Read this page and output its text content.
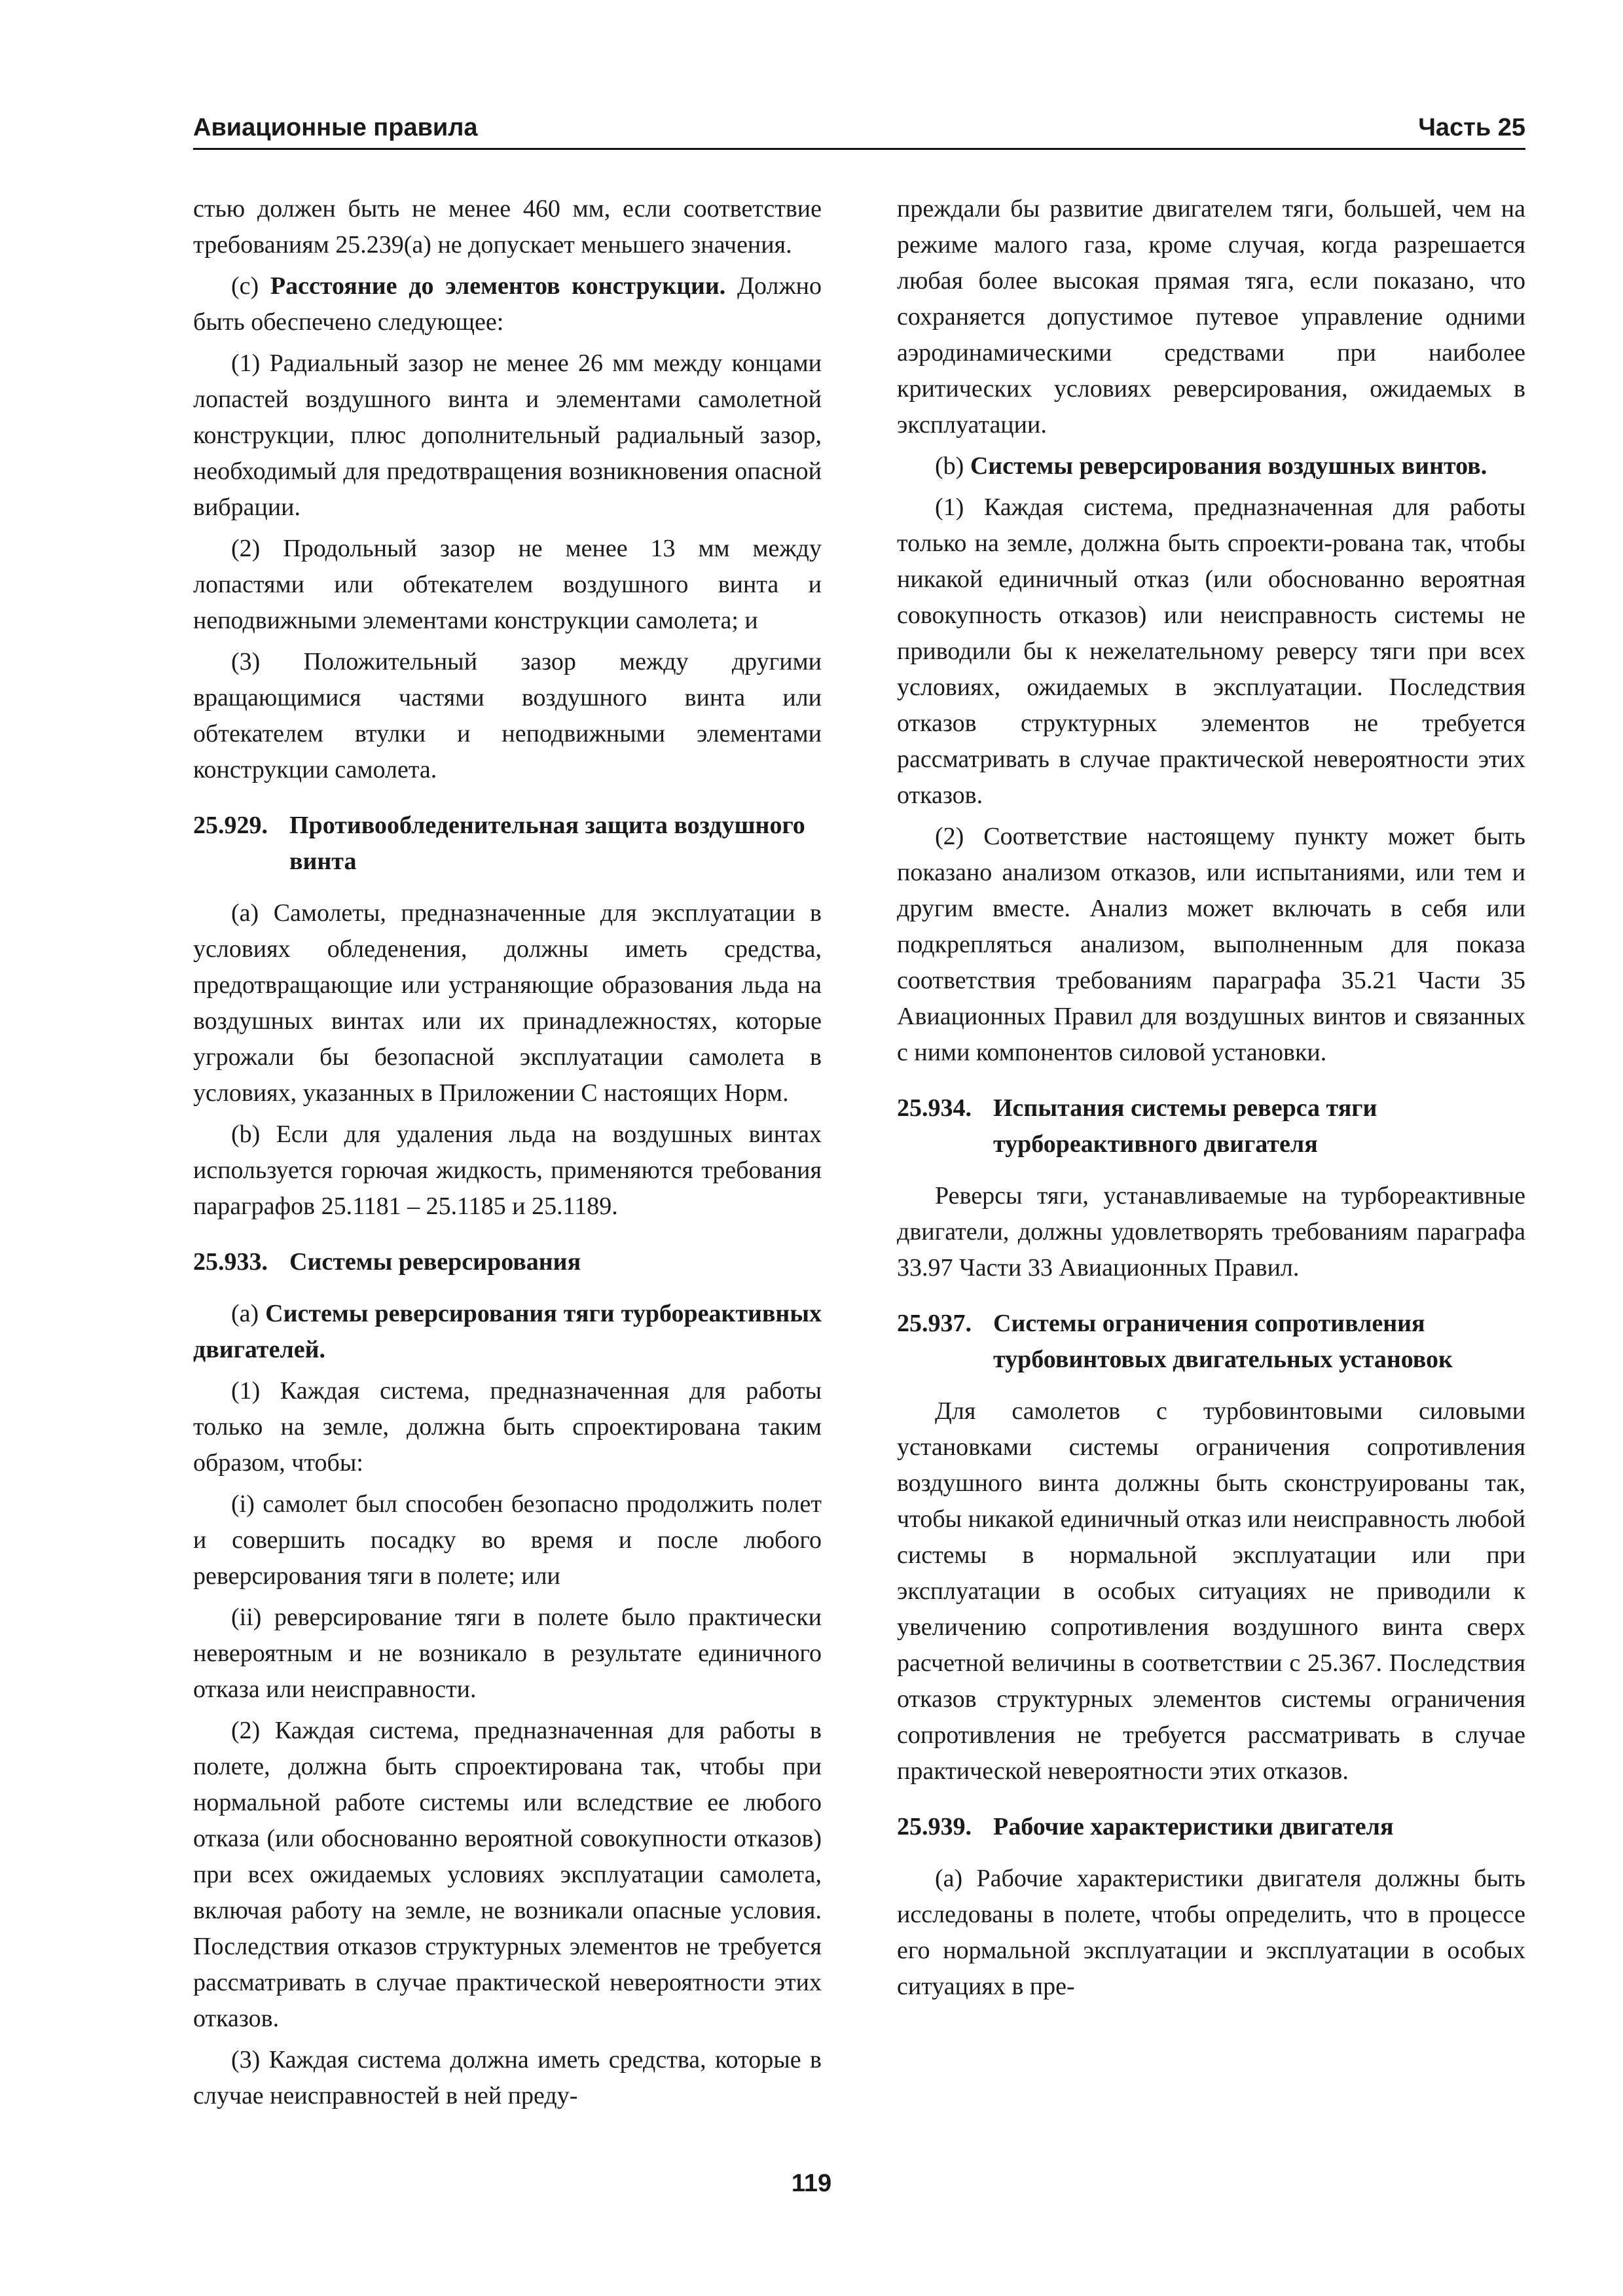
Авиационные правила	Часть 25

стью должен быть не менее 460 мм, если соответствие требованиям 25.239(а) не допускает меньшего значения.

(с) Расстояние до элементов конструкции. Должно быть обеспечено следующее:

(1) Радиальный зазор не менее 26 мм между концами лопастей воздушного винта и элементами самолетной конструкции, плюс дополнительный радиальный зазор, необходимый для предотвращения возникновения опасной вибрации.

(2) Продольный зазор не менее 13 мм между лопастями или обтекателем воздушного винта и неподвижными элементами конструкции самолета; и

(3) Положительный зазор между другими вращающимися частями воздушного винта или обтекателем втулки и неподвижными элементами конструкции самолета.

25.929. Противообледенительная защита воздушного винта

(а) Самолеты, предназначенные для эксплуатации в условиях обледенения, должны иметь средства, предотвращающие или устраняющие образования льда на воздушных винтах или их принадлежностях, которые угрожали бы безопасной эксплуатации самолета в условиях, указанных в Приложении С настоящих Норм.

(b) Если для удаления льда на воздушных винтах используется горючая жидкость, применяются требования параграфов 25.1181 – 25.1185 и 25.1189.

25.933. Системы реверсирования

(а) Системы реверсирования тяги турбореактивных двигателей.

(1) Каждая система, предназначенная для работы только на земле, должна быть спроектирована таким образом, чтобы:

(i) самолет был способен безопасно продолжить полет и совершить посадку во время и после любого реверсирования тяги в полете; или

(ii) реверсирование тяги в полете было практически невероятным и не возникало в результате единичного отказа или неисправности.

(2) Каждая система, предназначенная для работы в полете, должна быть спроектирована так, чтобы при нормальной работе системы или вследствие ее любого отказа (или обоснованно вероятной совокупности отказов) при всех ожидаемых условиях эксплуатации самолета, включая работу на земле, не возникали опасные условия. Последствия отказов структурных элементов не требуется рассматривать в случае практической невероятности этих отказов.

(3) Каждая система должна иметь средства, которые в случае неисправностей в ней преду-

преждали бы развитие двигателем тяги, большей, чем на режиме малого газа, кроме случая, когда разрешается любая более высокая прямая тяга, если показано, что сохраняется допустимое путевое управление одними аэродинамическими средствами при наиболее критических условиях реверсирования, ожидаемых в эксплуатации.

(b) Системы реверсирования воздушных винтов.

(1) Каждая система, предназначенная для работы только на земле, должна быть спроекти-рована так, чтобы никакой единичный отказ (или обоснованно вероятная совокупность отказов) или неисправность системы не приводили бы к нежелательному реверсу тяги при всех условиях, ожидаемых в эксплуатации. Последствия отказов структурных элементов не требуется рассматривать в случае практической невероятности этих отказов.

(2) Соответствие настоящему пункту может быть показано анализом отказов, или испытаниями, или тем и другим вместе. Анализ может включать в себя или подкрепляться анализом, выполненным для показа соответствия требованиям параграфа 35.21 Части 35 Авиационных Правил для воздушных винтов и связанных с ними компонентов силовой установки.

25.934. Испытания системы реверса тяги турбореактивного двигателя

Реверсы тяги, устанавливаемые на турбореактивные двигатели, должны удовлетворять требованиям параграфа 33.97 Части 33 Авиационных Правил.

25.937. Системы ограничения сопротивления турбовинтовых двигательных установок

Для самолетов с турбовинтовыми силовыми установками системы ограничения сопротивления воздушного винта должны быть сконструированы так, чтобы никакой единичный отказ или неисправность любой системы в нормальной эксплуатации или при эксплуатации в особых ситуациях не приводили к увеличению сопротивления воздушного винта сверх расчетной величины в соответствии с 25.367. Последствия отказов структурных элементов системы ограничения сопротивления не требуется рассматривать в случае практической невероятности этих отказов.

25.939. Рабочие характеристики двигателя

(а) Рабочие характеристики двигателя должны быть исследованы в полете, чтобы определить, что в процессе его нормальной эксплуатации и эксплуатации в особых ситуациях в пре-

119
